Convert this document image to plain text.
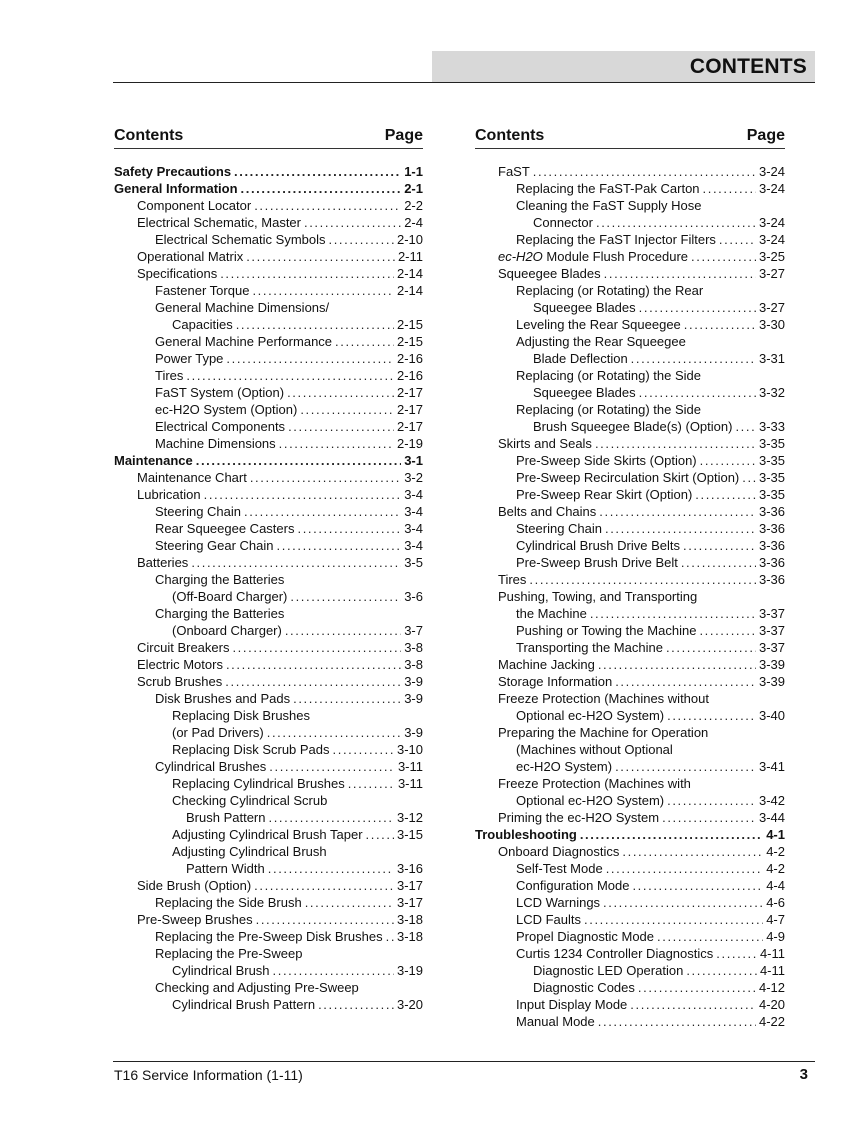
CONTENTS
Contents	Page
Safety Precautions .....	1-1
General Information .....	2-1
Component Locator .....	2-2
Electrical Schematic, Master .....	2-4
Electrical Schematic Symbols .....	2-10
Operational Matrix .....	2-11
Specifications .....	2-14
Fastener Torque .....	2-14
General Machine Dimensions/
Capacities .....	2-15
General Machine Performance .....	2-15
Power Type .....	2-16
Tires .....	2-16
FaST System (Option) .....	2-17
ec-H2O System (Option) .....	2-17
Electrical Components .....	2-17
Machine Dimensions .....	2-19
Maintenance .....	3-1
Maintenance Chart .....	3-2
Lubrication .....	3-4
Steering Chain .....	3-4
Rear Squeegee Casters .....	3-4
Steering Gear Chain .....	3-4
Batteries .....	3-5
Charging the Batteries
(Off-Board Charger) .....	3-6
Charging the Batteries
(Onboard Charger) .....	3-7
Circuit Breakers .....	3-8
Electric Motors .....	3-8
Scrub Brushes .....	3-9
Disk Brushes and Pads .....	3-9
Replacing Disk Brushes
(or Pad Drivers) .....	3-9
Replacing Disk Scrub Pads .....	3-10
Cylindrical Brushes .....	3-11
Replacing Cylindrical Brushes .....	3-11
Checking Cylindrical Scrub
Brush Pattern .....	3-12
Adjusting Cylindrical Brush Taper .....	3-15
Adjusting Cylindrical Brush
Pattern Width .....	3-16
Side Brush (Option) .....	3-17
Replacing the Side Brush .....	3-17
Pre-Sweep Brushes .....	3-18
Replacing the Pre-Sweep Disk Brushes ..... 3-18
Replacing the Pre-Sweep
Cylindrical Brush .....	3-19
Checking and Adjusting Pre-Sweep
Cylindrical Brush Pattern .....	3-20
Contents	Page
FaST .....	3-24
Replacing the FaST-Pak Carton .....	3-24
Cleaning the FaST Supply Hose
Connector .....	3-24
Replacing the FaST Injector Filters .....	3-24
ec-H2O Module Flush Procedure .....	3-25
Squeegee Blades .....	3-27
Replacing (or Rotating) the Rear
Squeegee Blades .....	3-27
Leveling the Rear Squeegee .....	3-30
Adjusting the Rear Squeegee
Blade Deflection .....	3-31
Replacing (or Rotating) the Side
Squeegee Blades .....	3-32
Replacing (or Rotating) the Side
Brush Squeegee Blade(s) (Option) ..... 3-33
Skirts and Seals .....	3-35
Pre-Sweep Side Skirts (Option) .....	3-35
Pre-Sweep Recirculation Skirt (Option) ..... 3-35
Pre-Sweep Rear Skirt (Option) .....	3-35
Belts and Chains .....	3-36
Steering Chain .....	3-36
Cylindrical Brush Drive Belts .....	3-36
Pre-Sweep Brush Drive Belt .....	3-36
Tires .....	3-36
Pushing, Towing, and Transporting
the Machine .....	3-37
Pushing or Towing the Machine .....	3-37
Transporting the Machine .....	3-37
Machine Jacking .....	3-39
Storage Information .....	3-39
Freeze Protection (Machines without
Optional ec-H2O System) .....	3-40
Preparing the Machine for Operation
(Machines without Optional
ec-H2O System) .....	3-41
Freeze Protection (Machines with
Optional ec-H2O System) .....	3-42
Priming the ec-H2O System .....	3-44
Troubleshooting .....	4-1
Onboard Diagnostics .....	4-2
Self-Test Mode .....	4-2
Configuration Mode .....	4-4
LCD Warnings .....	4-6
LCD Faults .....	4-7
Propel Diagnostic Mode .....	4-9
Curtis 1234 Controller Diagnostics .....	4-11
Diagnostic LED Operation .....	4-11
Diagnostic Codes .....	4-12
Input Display Mode .....	4-20
Manual Mode .....	4-22
T16 Service Information (1-11)	3
